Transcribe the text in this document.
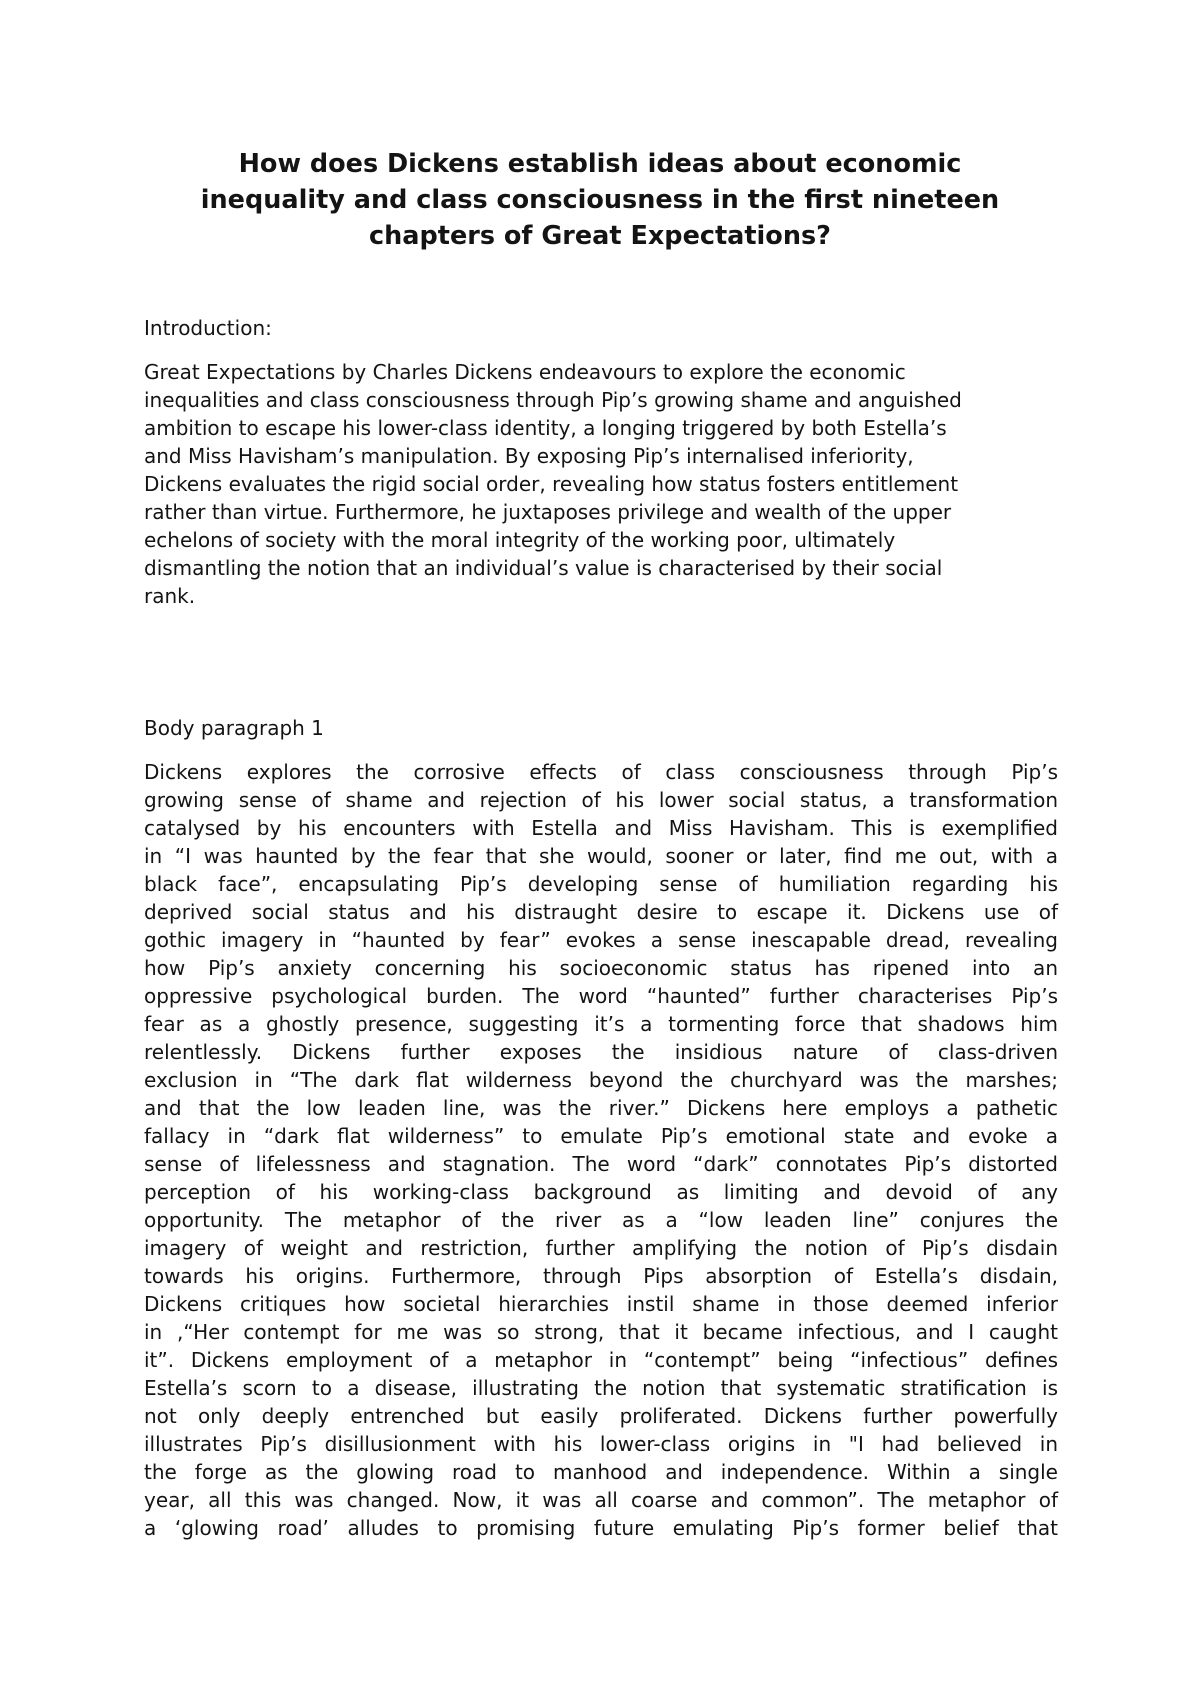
How does Dickens establish ideas about economic
inequality and class consciousness in the first nineteen
chapters of Great Expectations?

Introduction:

Great Expectations by Charles Dickens endeavours to explore the economic
inequalities and class consciousness through Pip’s growing shame and anguished
ambition to escape his lower-class identity, a longing triggered by both Estella’s
and Miss Havisham’s manipulation. By exposing Pip’s internalised inferiority,
Dickens evaluates the rigid social order, revealing how status fosters entitlement
rather than virtue. Furthermore, he juxtaposes privilege and wealth of the upper
echelons of society with the moral integrity of the working poor, ultimately
dismantling the notion that an individual’s value is characterised by their social
rank.

Body paragraph 1

Dickens explores the corrosive effects of class consciousness through Pip’s
growing sense of shame and rejection of his lower social status, a transformation
catalysed by his encounters with Estella and Miss Havisham. This is exemplified
in “I was haunted by the fear that she would, sooner or later, find me out, with a
black face”, encapsulating Pip’s developing sense of humiliation regarding his
deprived social status and his distraught desire to escape it. Dickens use of
gothic imagery in “haunted by fear” evokes a sense inescapable dread, revealing
how Pip’s anxiety concerning his socioeconomic status has ripened into an
oppressive psychological burden. The word “haunted” further characterises Pip’s
fear as a ghostly presence, suggesting it’s a tormenting force that shadows him
relentlessly. Dickens further exposes the insidious nature of class-driven
exclusion in “The dark flat wilderness beyond the churchyard was the marshes;
and that the low leaden line, was the river.” Dickens here employs a pathetic
fallacy in “dark flat wilderness” to emulate Pip’s emotional state and evoke a
sense of lifelessness and stagnation. The word “dark” connotates Pip’s distorted
perception of his working-class background as limiting and devoid of any
opportunity. The metaphor of the river as a “low leaden line” conjures the
imagery of weight and restriction, further amplifying the notion of Pip’s disdain
towards his origins. Furthermore, through Pips absorption of Estella’s disdain,
Dickens critiques how societal hierarchies instil shame in those deemed inferior
in ,“Her contempt for me was so strong, that it became infectious, and I caught
it”. Dickens employment of a metaphor in “contempt” being “infectious” defines
Estella’s scorn to a disease, illustrating the notion that systematic stratification is
not only deeply entrenched but easily proliferated. Dickens further powerfully
illustrates Pip’s disillusionment with his lower-class origins in "I had believed in
the forge as the glowing road to manhood and independence. Within a single
year, all this was changed. Now, it was all coarse and common”. The metaphor of
a ‘glowing road’ alludes to promising future emulating Pip’s former belief that
